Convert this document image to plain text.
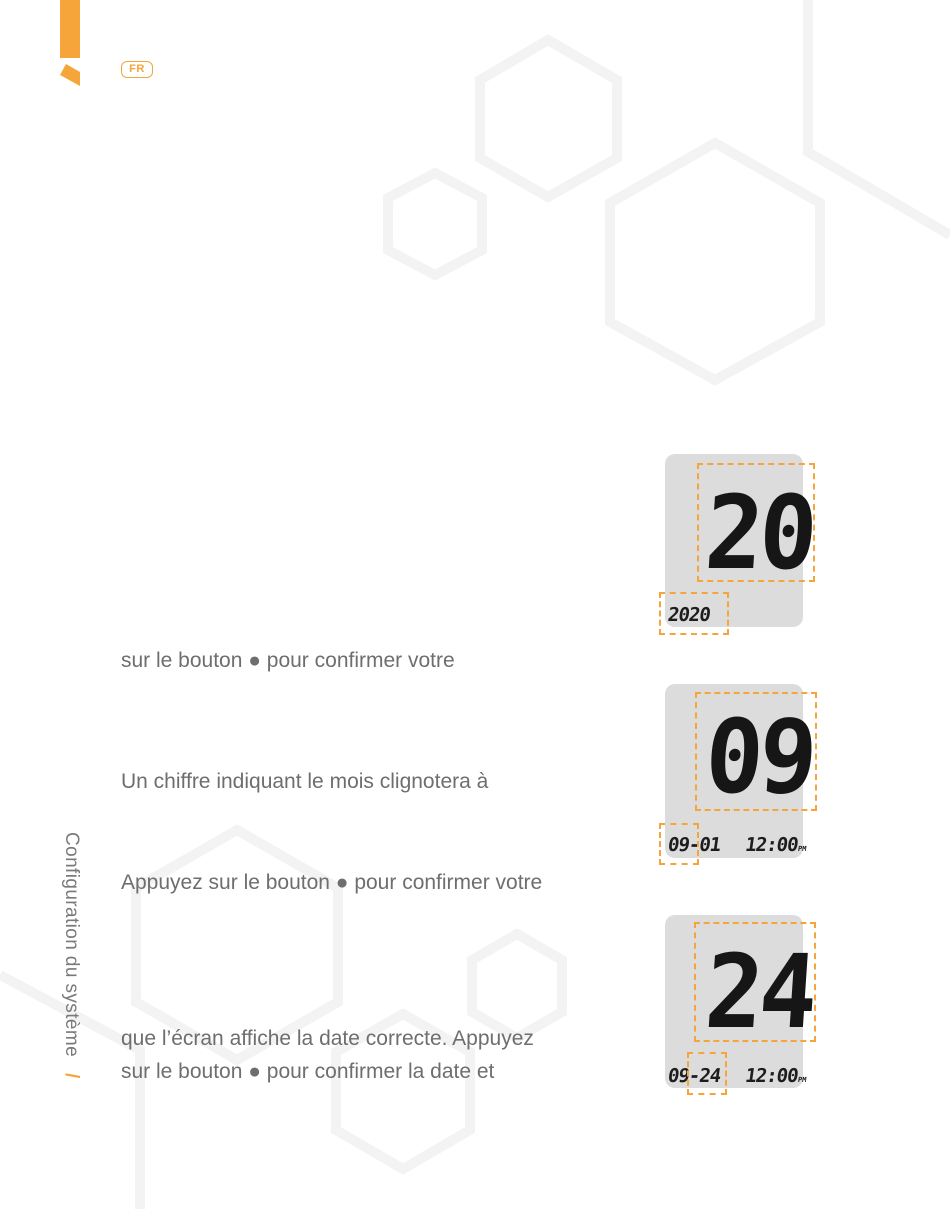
FR
Configuration du système /
sur le bouton ● pour confirmer votre
Un chiffre indiquant le mois clignotera à
Appuyez sur le bouton ● pour confirmer votre
que l’écran affiche la date correcte. Appuyez
sur le bouton ● pour confirmer la date et
20
2020
09
09-01 12:00PM
24
09-24 12:00PM
